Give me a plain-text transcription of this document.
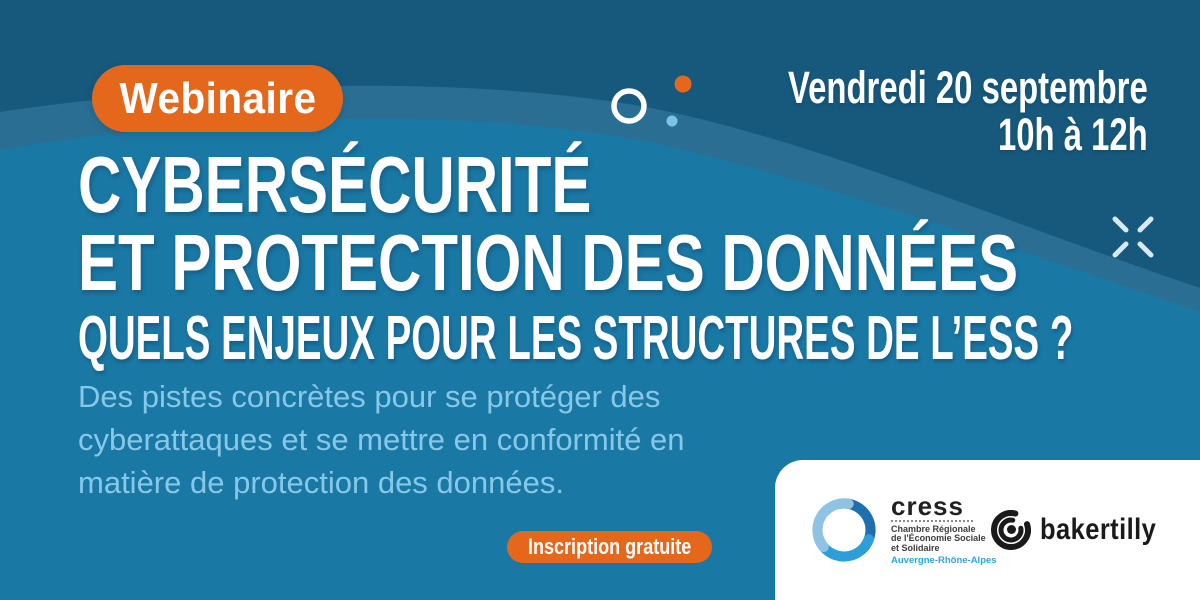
Webinaire	Vendredi 20 septembre
10h à 12h
CYBERSÉCURITÉ
ET PROTECTION DES DONNÉES
QUELS ENJEUX POUR LES STRUCTURES DE L’ESS ?

Des pistes concrètes pour se protéger des
cyberattaques et se mettre en conformité en
matière de protection des données.

Inscription gratuite
cress
Chambre Régionale
de l'Économie Sociale
et Solidaire
Auvergne-Rhône-Alpes
bakertilly
